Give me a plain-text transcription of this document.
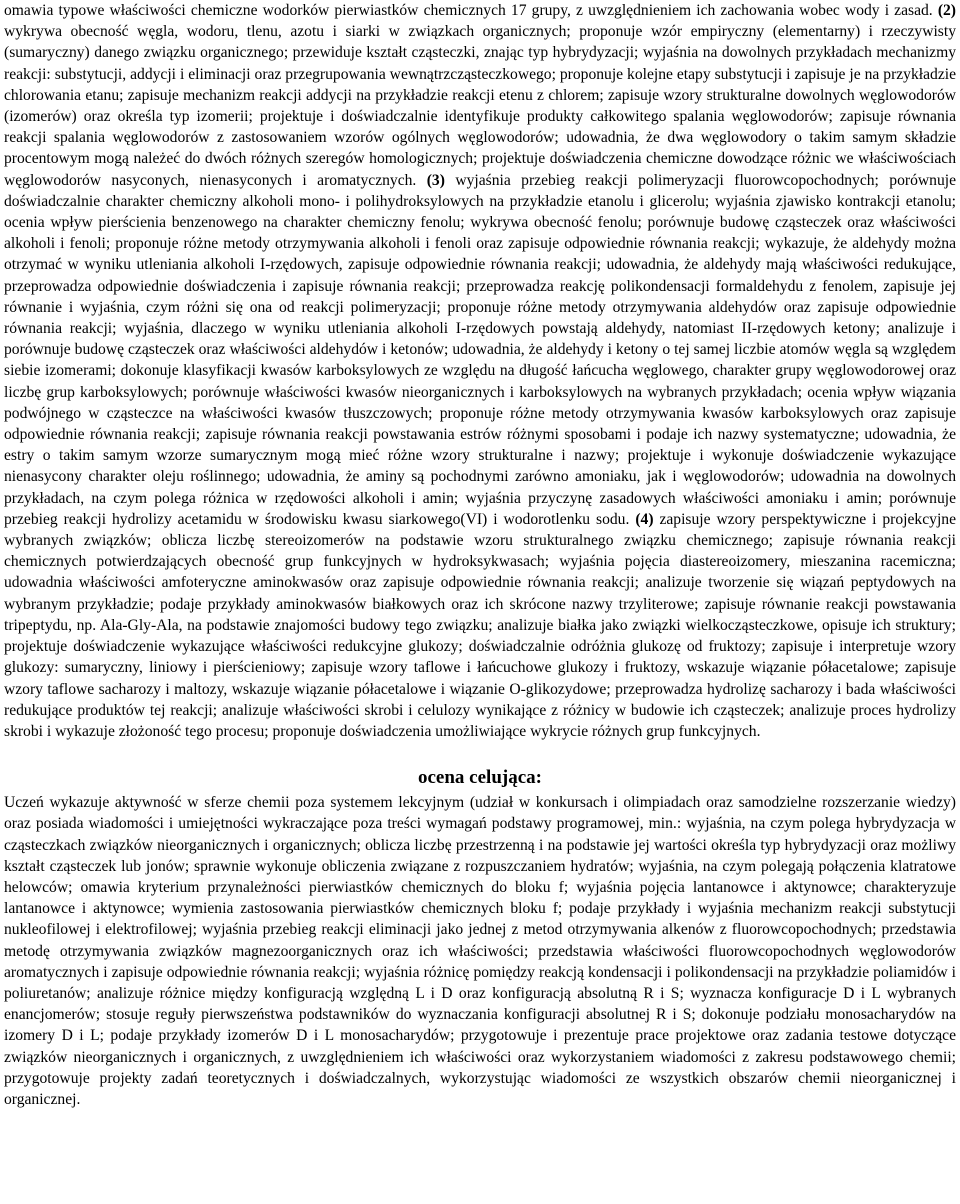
omawia typowe właściwości chemiczne wodorków pierwiastków chemicznych 17 grupy, z uwzględnieniem ich zachowania wobec wody i zasad. (2) wykrywa obecność węgla, wodoru, tlenu, azotu i siarki w związkach organicznych; proponuje wzór empiryczny (elementarny) i rzeczywisty (sumaryczny) danego związku organicznego; przewiduje kształt cząsteczki, znając typ hybrydyzacji; wyjaśnia na dowolnych przykładach mechanizmy reakcji: substytucji, addycji i eliminacji oraz przegrupowania wewnątrzcząsteczkowego; proponuje kolejne etapy substytucji i zapisuje je na przykładzie chlorowania etanu; zapisuje mechanizm reakcji addycji na przykładzie reakcji etenu z chlorem; zapisuje wzory strukturalne dowolnych węglowodorów (izomerów) oraz określa typ izomerii; projektuje i doświadczalnie identyfikuje produkty całkowitego spalania węglowodorów; zapisuje równania reakcji spalania węglowodorów z zastosowaniem wzorów ogólnych węglowodorów; udowadnia, że dwa węglowodory o takim samym składzie procentowym mogą należeć do dwóch różnych szeregów homologicznych; projektuje doświadczenia chemiczne dowodzące różnic we właściwościach węglowodorów nasyconych, nienasyconych i aromatycznych. (3) wyjaśnia przebieg reakcji polimeryzacji fluorowcopochodnych; porównuje doświadczalnie charakter chemiczny alkoholi mono- i polihydroksylowych na przykładzie etanolu i glicerolu; wyjaśnia zjawisko kontrakcji etanolu; ocenia wpływ pierścienia benzenowego na charakter chemiczny fenolu; wykrywa obecność fenolu; porównuje budowę cząsteczek oraz właściwości alkoholi i fenoli; proponuje różne metody otrzymywania alkoholi i fenoli oraz zapisuje odpowiednie równania reakcji; wykazuje, że aldehydy można otrzymać w wyniku utleniania alkoholi I-rzędowych, zapisuje odpowiednie równania reakcji; udowadnia, że aldehydy mają właściwości redukujące, przeprowadza odpowiednie doświadczenia i zapisuje równania reakcji; przeprowadza reakcję polikondensacji formaldehydu z fenolem, zapisuje jej równanie i wyjaśnia, czym różni się ona od reakcji polimeryzacji; proponuje różne metody otrzymywania aldehydów oraz zapisuje odpowiednie równania reakcji; wyjaśnia, dlaczego w wyniku utleniania alkoholi I-rzędowych powstają aldehydy, natomiast II-rzędowych ketony; analizuje i porównuje budowę cząsteczek oraz właściwości aldehydów i ketonów; udowadnia, że aldehydy i ketony o tej samej liczbie atomów węgla są względem siebie izomerami; dokonuje klasyfikacji kwasów karboksylowych ze względu na długość łańcucha węglowego, charakter grupy węglowodorowej oraz liczbę grup karboksylowych; porównuje właściwości kwasów nieorganicznych i karboksylowych na wybranych przykładach; ocenia wpływ wiązania podwójnego w cząsteczce na właściwości kwasów tłuszczowych; proponuje różne metody otrzymywania kwasów karboksylowych oraz zapisuje odpowiednie równania reakcji; zapisuje równania reakcji powstawania estrów różnymi sposobami i podaje ich nazwy systematyczne; udowadnia, że estry o takim samym wzorze sumarycznym mogą mieć różne wzory strukturalne i nazwy; projektuje i wykonuje doświadczenie wykazujące nienasycony charakter oleju roślinnego; udowadnia, że aminy są pochodnymi zarówno amoniaku, jak i węglowodorów; udowadnia na dowolnych przykładach, na czym polega różnica w rzędowości alkoholi i amin; wyjaśnia przyczynę zasadowych właściwości amoniaku i amin; porównuje przebieg reakcji hydrolizy acetamidu w środowisku kwasu siarkowego(VI) i wodorotlenku sodu. (4) zapisuje wzory perspektywiczne i projekcyjne wybranych związków; oblicza liczbę stereoizomerów na podstawie wzoru strukturalnego związku chemicznego; zapisuje równania reakcji chemicznych potwierdzających obecność grup funkcyjnych w hydroksykwasach; wyjaśnia pojęcia diastereoizomery, mieszanina racemiczna; udowadnia właściwości amfoteryczne aminokwasów oraz zapisuje odpowiednie równania reakcji; analizuje tworzenie się wiązań peptydowych na wybranym przykładzie; podaje przykłady aminokwasów białkowych oraz ich skrócone nazwy trzyliterowe; zapisuje równanie reakcji powstawania tripeptydu, np. Ala-Gly-Ala, na podstawie znajomości budowy tego związku; analizuje białka jako związki wielkocząsteczkowe, opisuje ich struktury; projektuje doświadczenie wykazujące właściwości redukcyjne glukozy; doświadczalnie odróżnia glukozę od fruktozy; zapisuje i interpretuje wzory glukozy: sumaryczny, liniowy i pierścieniowy; zapisuje wzory taflowe i łańcuchowe glukozy i fruktozy, wskazuje wiązanie półacetalowe; zapisuje wzory taflowe sacharozy i maltozy, wskazuje wiązanie półacetalowe i wiązanie O-glikozydowe; przeprowadza hydrolizę sacharozy i bada właściwości redukujące produktów tej reakcji; analizuje właściwości skrobi i celulozy wynikające z różnicy w budowie ich cząsteczek; analizuje proces hydrolizy skrobi i wykazuje złożoność tego procesu; proponuje doświadczenia umożliwiające wykrycie różnych grup funkcyjnych.

ocena celująca:

Uczeń wykazuje aktywność w sferze chemii poza systemem lekcyjnym (udział w konkursach i olimpiadach oraz samodzielne rozszerzanie wiedzy) oraz posiada wiadomości i umiejętności wykraczające poza treści wymagań podstawy programowej, min.: wyjaśnia, na czym polega hybrydyzacja w cząsteczkach związków nieorganicznych i organicznych; oblicza liczbę przestrzenną i na podstawie jej wartości określa typ hybrydyzacji oraz możliwy kształt cząsteczek lub jonów; sprawnie wykonuje obliczenia związane z rozpuszczaniem hydratów; wyjaśnia, na czym polegają połączenia klatratowe helowców; omawia kryterium przynależności pierwiastków chemicznych do bloku f; wyjaśnia pojęcia lantanowce i aktynowce; charakteryzuje lantanowce i aktynowce; wymienia zastosowania pierwiastków chemicznych bloku f; podaje przykłady i wyjaśnia mechanizm reakcji substytucji nukleofilowej i elektrofilowej; wyjaśnia przebieg reakcji eliminacji jako jednej z metod otrzymywania alkenów z fluorowcopochodnych; przedstawia metodę otrzymywania związków magnezoorganicznych oraz ich właściwości; przedstawia właściwości fluorowcopochodnych węglowodorów aromatycznych i zapisuje odpowiednie równania reakcji; wyjaśnia różnicę pomiędzy reakcją kondensacji i polikondensacji na przykładzie poliamidów i poliuretanów; analizuje różnice między konfiguracją względną L i D oraz konfiguracją absolutną R i S; wyznacza konfiguracje D i L wybranych enancjomerów; stosuje reguły pierwszeństwa podstawników do wyznaczania konfiguracji absolutnej R i S; dokonuje podziału monosacharydów na izomery D i L; podaje przykłady izomerów D i L monosacharydów; przygotowuje i prezentuje prace projektowe oraz zadania testowe dotyczące związków nieorganicznych i organicznych, z uwzględnieniem ich właściwości oraz wykorzystaniem wiadomości z zakresu podstawowego chemii; przygotowuje projekty zadań teoretycznych i doświadczalnych, wykorzystując wiadomości ze wszystkich obszarów chemii nieorganicznej i organicznej.
